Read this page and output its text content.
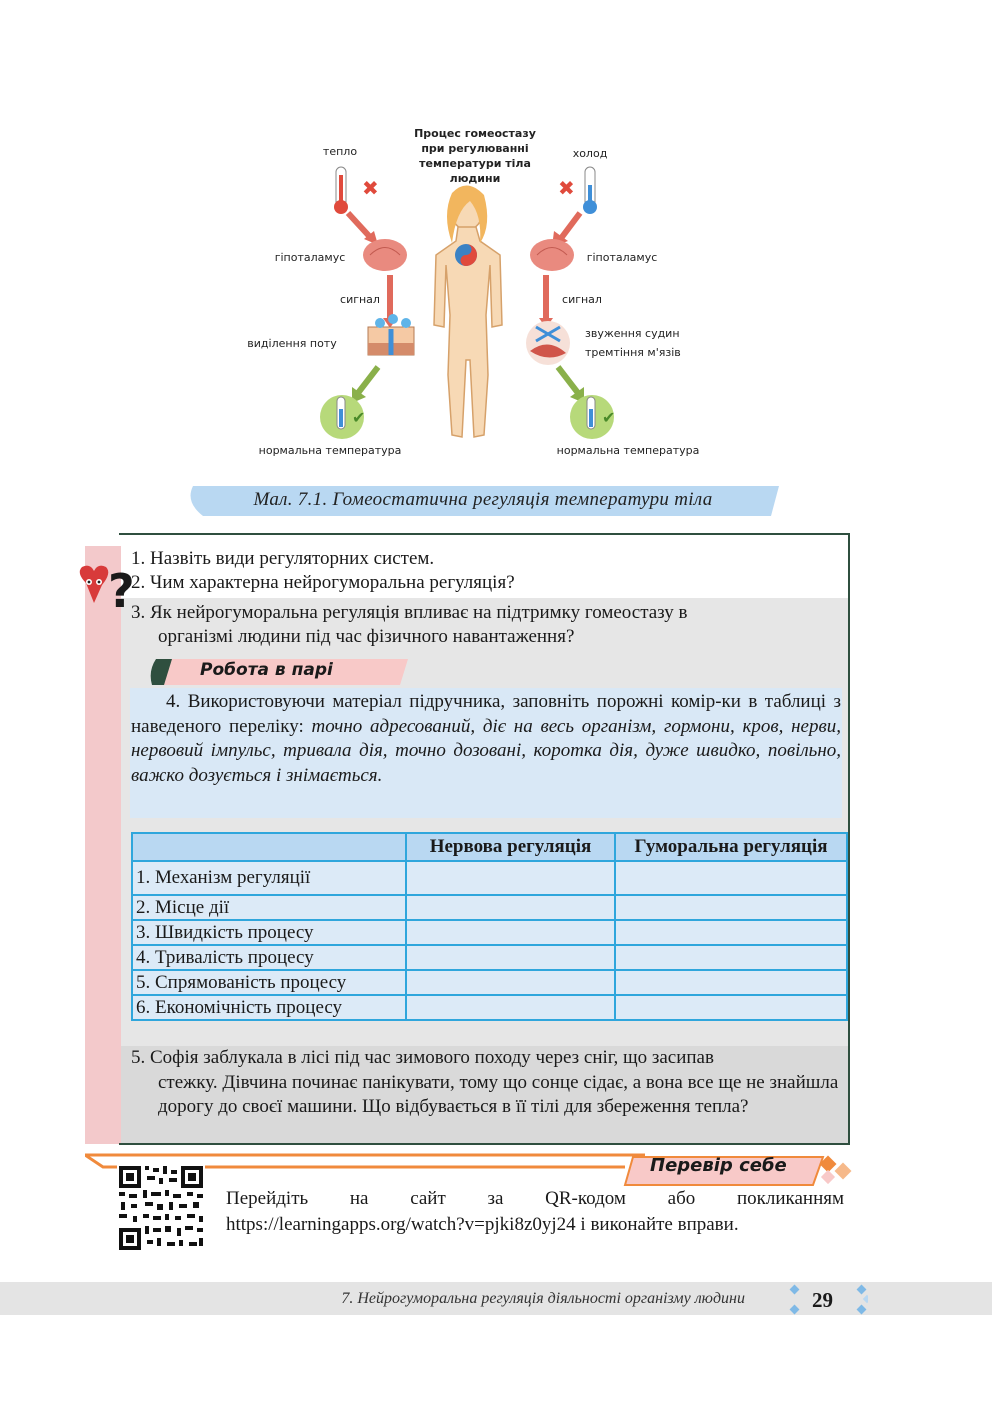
Процес гомеостазу
при регулюванні
температури тіла
людини
тепло
✖
гіпоталамус
сигнал
виділення поту
✔
нормальна температура
холод
✖
гіпоталамус
сигнал
звуження судин
тремтіння м'язів
✔
нормальна температура
Мал. 7.1. Гомеостатична регуляція температури тіла
?
1. Назвіть види регуляторних систем.
2. Чим характерна нейрогуморальна регуляція?
3. Як нейрогуморальна регуляція впливає на підтримку гомеостазу в
організмі людини під час фізичного навантаження?
Робота в парі
4. Використовуючи матеріал підручника, заповніть порожні комір-ки в таблиці з наведеного переліку: точно адресований, діє на весь організм, гормони, кров, нерви, нервовий імпульс, тривала дія, точно дозовані, коротка дія, дуже швидко, повільно, важко дозується і знімається.
	Нервова регуляція	Гуморальна регуляція
1. Механізм регуляції		
2. Місце дії		
3. Швидкість процесу		
4. Тривалість процесу		
5. Спрямованість процесу		
6. Економічність процесу		
5. Софія заблукала в лісі під час зимового походу через сніг, що засипав
стежку. Дівчина починає панікувати, тому що сонце сідає, а вона все ще не знайшла дорогу до своєї машини. Що відбувається в її тілі для збереження тепла?
Перевір себе
Перейдіть на сайт за QR-кодом або покликанням https://learningapps.org/watch?v=pjki8z0yj24 і виконайте вправи.
7. Нейрогуморальна регуляція діяльності організму людини	29
